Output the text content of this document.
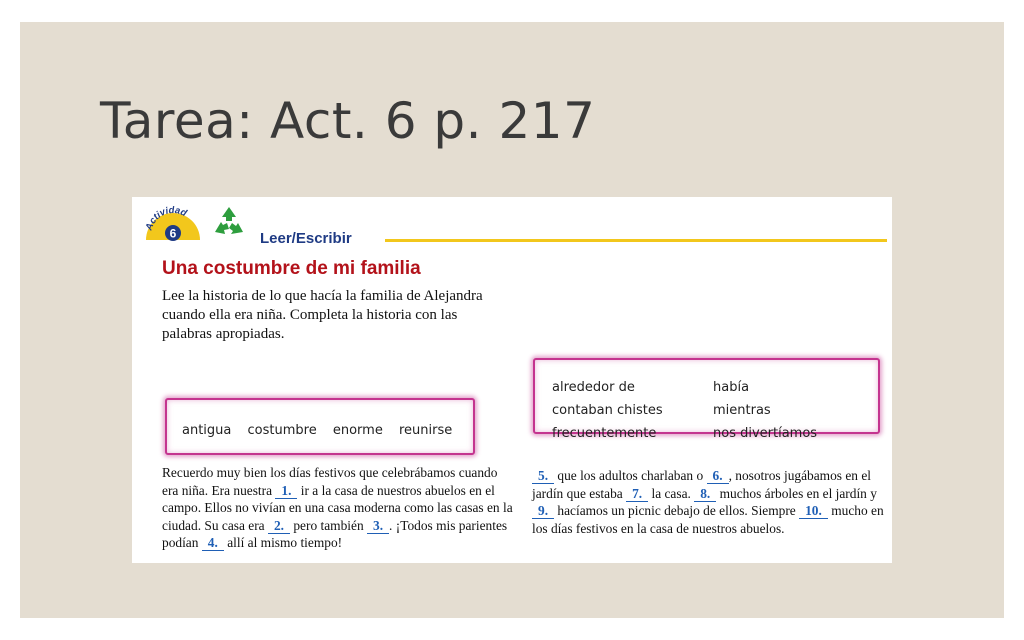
Tarea: Act. 6 p. 217
Actividad
6	Leer/Escribir
Una costumbre de mi familia
Lee la historia de lo que hacía la familia de Alejandra cuando ella era niña. Completa la historia con las palabras apropiadas.
antigua costumbre enorme reunirse
alrededor de
contaban chistes
frecuentemente
había
mientras
nos divertíamos
Recuerdo muy bien los días festivos que celebrábamos cuando era niña. Era nuestra 1. ir a la casa de nuestros abuelos en el campo. Ellos no vivían en una casa moderna como las casas en la ciudad. Su casa era 2. pero también 3. . ¡Todos mis parientes podían 4. allí al mismo tiempo!
5. que los adultos charlaban o 6. , nosotros jugábamos en el jardín que estaba 7. la casa. 8. muchos árboles en el jardín y 9. hacíamos un picnic debajo de ellos. Siempre 10. mucho en los días festivos en la casa de nuestros abuelos.
